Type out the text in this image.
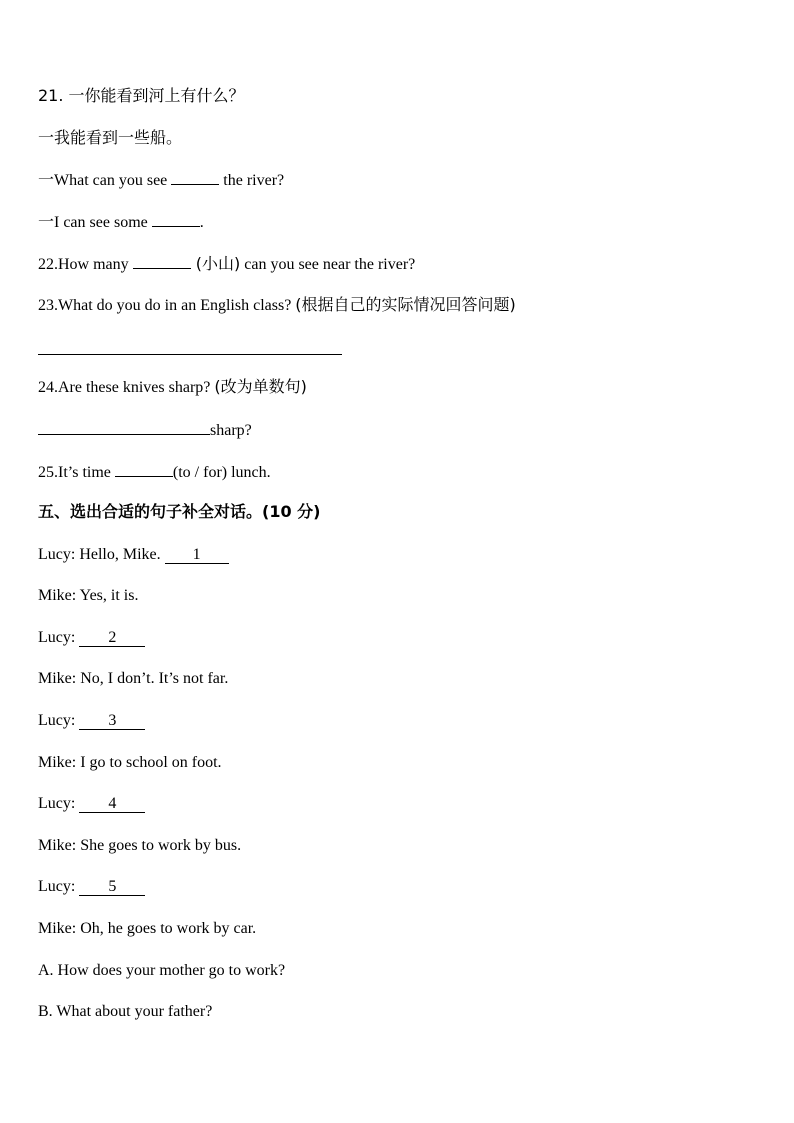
21. 一你能看到河上有什么？
一我能看到一些船。
一What can you see	the river?
一I can see some	.
22.How many	(小山) can you see near the river?
23.What do you do in an English class? (根据自己的实际情况回答问题)
24.Are these knives sharp? (改为单数句)
sharp?
25.It’s time	(to / for) lunch.
五、选出合适的句子补全对话。(10 分)
Lucy: Hello, Mike. 1
Mike: Yes, it is.
Lucy: 2
Mike: No, I don’t. It’s not far.
Lucy: 3
Mike: I go to school on foot.
Lucy: 4
Mike: She goes to work by bus.
Lucy: 5
Mike: Oh, he goes to work by car.
A. How does your mother go to work?
B. What about your father?
